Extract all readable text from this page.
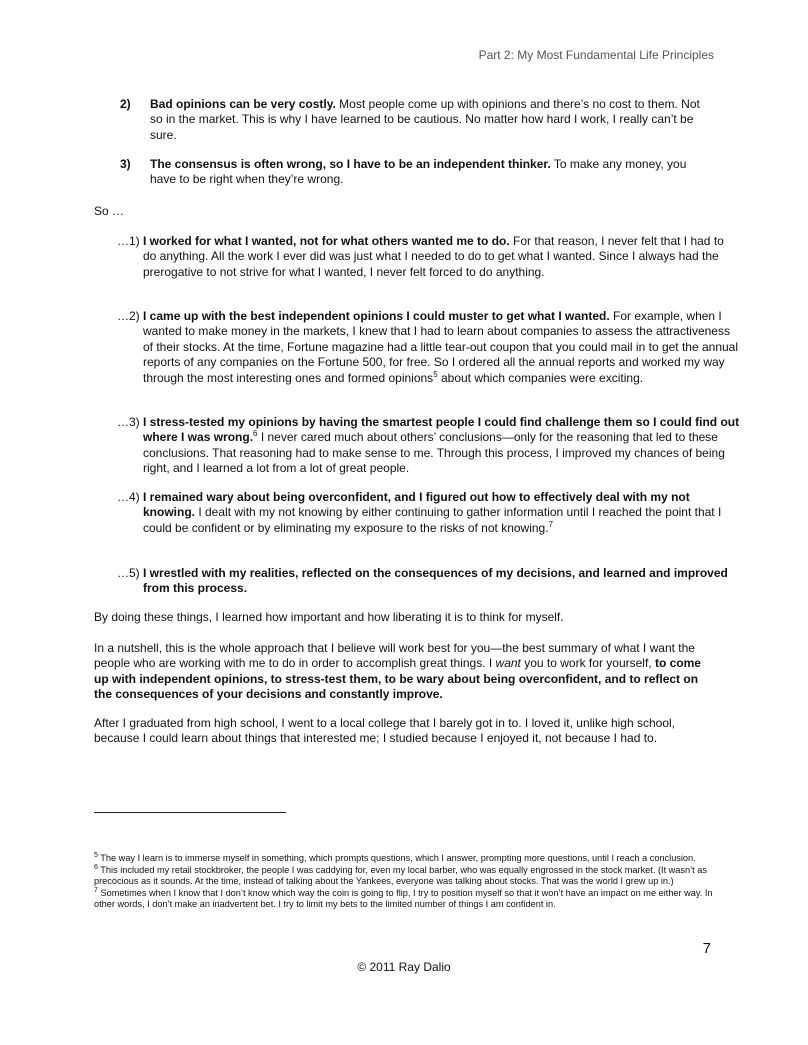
Part 2: My Most Fundamental Life Principles
2)	Bad opinions can be very costly. Most people come up with opinions and there’s no cost to them. Not so in the market. This is why I have learned to be cautious. No matter how hard I work, I really can’t be sure.
3)	The consensus is often wrong, so I have to be an independent thinker. To make any money, you have to be right when they’re wrong.
So …
…1) I worked for what I wanted, not for what others wanted me to do. For that reason, I never felt that I had to do anything. All the work I ever did was just what I needed to do to get what I wanted. Since I always had the prerogative to not strive for what I wanted, I never felt forced to do anything.
…2) I came up with the best independent opinions I could muster to get what I wanted. For example, when I wanted to make money in the markets, I knew that I had to learn about companies to assess the attractiveness of their stocks. At the time, Fortune magazine had a little tear-out coupon that you could mail in to get the annual reports of any companies on the Fortune 500, for free. So I ordered all the annual reports and worked my way through the most interesting ones and formed opinions$^5$ about which companies were exciting.
…3) I stress-tested my opinions by having the smartest people I could find challenge them so I could find out where I was wrong.$^6$ I never cared much about others’ conclusions—only for the reasoning that led to these conclusions. That reasoning had to make sense to me. Through this process, I improved my chances of being right, and I learned a lot from a lot of great people.
…4) I remained wary about being overconfident, and I figured out how to effectively deal with my not knowing. I dealt with my not knowing by either continuing to gather information until I reached the point that I could be confident or by eliminating my exposure to the risks of not knowing.$^7$
…5) I wrestled with my realities, reflected on the consequences of my decisions, and learned and improved from this process.
By doing these things, I learned how important and how liberating it is to think for myself.
In a nutshell, this is the whole approach that I believe will work best for you—the best summary of what I want the people who are working with me to do in order to accomplish great things. I want you to work for yourself, to come up with independent opinions, to stress-test them, to be wary about being overconfident, and to reflect on the consequences of your decisions and constantly improve.
After I graduated from high school, I went to a local college that I barely got in to. I loved it, unlike high school, because I could learn about things that interested me; I studied because I enjoyed it, not because I had to.
$^5$ The way I learn is to immerse myself in something, which prompts questions, which I answer, prompting more questions, until I reach a conclusion.
$^6$ This included my retail stockbroker, the people I was caddying for, even my local barber, who was equally engrossed in the stock market. (It wasn’t as precocious as it sounds. At the time, instead of talking about the Yankees, everyone was talking about stocks. That was the world I grew up in.)
$^7$ Sometimes when I know that I don’t know which way the coin is going to flip, I try to position myself so that it won’t have an impact on me either way. In other words, I don’t make an inadvertent bet. I try to limit my bets to the limited number of things I am confident in.
7
© 2011 Ray Dalio
